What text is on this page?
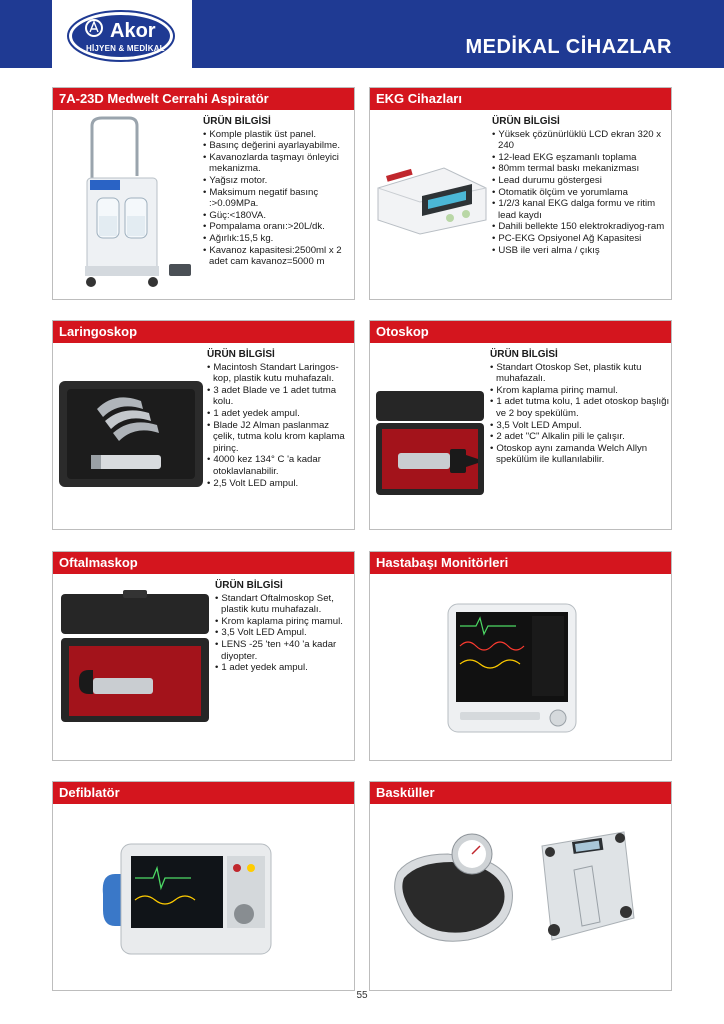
Akor
HİJYEN & MEDİKAL	MEDİKAL CİHAZLAR
7A-23D Medwelt Cerrahi Aspiratör
ÜRÜN BİLGİSİ
• Komple plastik üst panel.
• Basınç değerini ayarlayabilme.
• Kavanozlarda taşmayı önleyici mekanizma.
• Yağsız motor.
• Maksimum negatif basınç :>0.09MPa.
• Güç:<180VA.
• Pompalama oranı:>20L/dk.
• Ağırlık:15,5 kg.
• Kavanoz kapasitesi:2500ml x 2 adet cam kavanoz=5000 m
EKG Cihazları
ÜRÜN BİLGİSİ
• Yüksek çözünürlüklü LCD ekran 320 x 240
• 12-lead EKG eşzamanlı toplama
• 80mm termal baskı mekanizması
• Lead durumu göstergesi
• Otomatik ölçüm ve yorumlama
• 1/2/3 kanal EKG dalga formu ve ritim lead kaydı
• Dahili bellekte 150 elektrokradiyog-ram
• PC-EKG Opsiyonel Ağ Kapasitesi
• USB ile veri alma / çıkış
Laringoskop
ÜRÜN BİLGİSİ
• Macintosh Standart Laringos-kop, plastik kutu muhafazalı.
• 3 adet Blade ve 1 adet tutma kolu.
• 1 adet yedek ampul.
• Blade J2 Alman paslanmaz çelik, tutma kolu krom kaplama pirinç.
• 4000 kez 134° C 'a kadar otoklavlanabilir.
• 2,5 Volt LED ampul.
Otoskop
ÜRÜN BİLGİSİ
• Standart Otoskop Set, plastik kutu muhafazalı.
• Krom kaplama pirinç mamul.
• 1 adet tutma kolu, 1 adet otoskop başlığı ve 2 boy spekülüm.
• 3,5 Volt LED Ampul.
• 2 adet "C" Alkalin pili le çalışır.
• Otoskop aynı zamanda Welch Allyn spekülüm ile kullanılabilir.
Oftalmaskop
ÜRÜN BİLGİSİ
• Standart Oftalmoskop Set, plastik kutu muhafazalı.
• Krom kaplama pirinç mamul.
• 3,5 Volt LED Ampul.
• LENS -25 'ten +40 'a kadar diyopter.
• 1 adet yedek ampul.
Hastabaşı Monitörleri
Defiblatör	Basküller
55
